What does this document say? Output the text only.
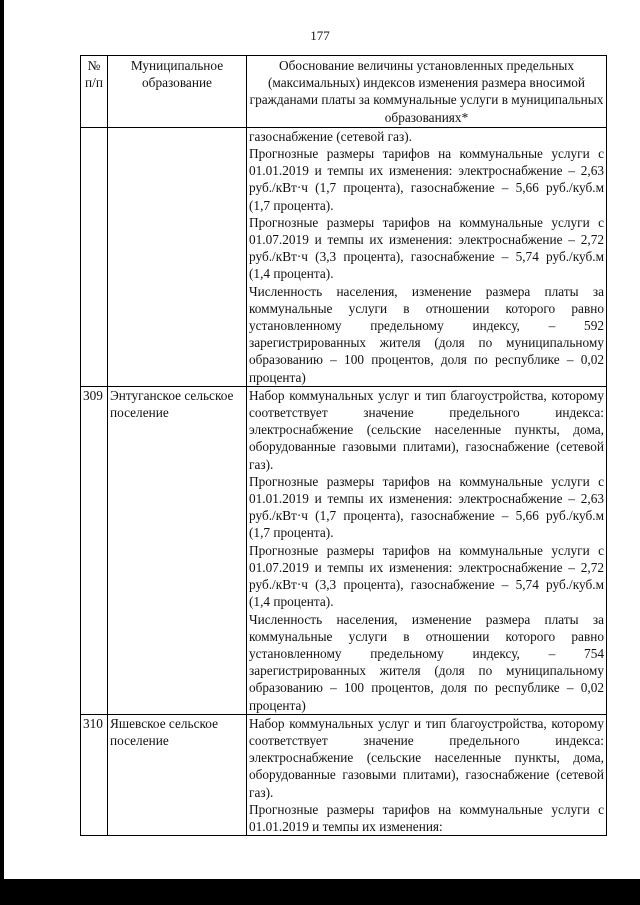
177
№ п/п	Муниципальное образование	Обоснование величины установленных предельных (максимальных) индексов изменения размера вносимой гражданами платы за коммунальные услуги в муниципальных образованиях*

		газоснабжение (сетевой газ).
Прогнозные размеры тарифов на коммунальные услуги с 01.01.2019 и темпы их изменения: электроснабжение – 2,63 руб./кВт·ч (1,7 процента), газоснабжение – 5,66 руб./куб.м (1,7 процента).
Прогнозные размеры тарифов на коммунальные услуги с 01.07.2019 и темпы их изменения: электроснабжение – 2,72 руб./кВт·ч (3,3 процента), газоснабжение – 5,74 руб./куб.м (1,4 процента).
Численность населения, изменение размера платы за коммунальные услуги в отношении которого равно установленному предельному индексу, – 592 зарегистрированных жителя (доля по муниципальному образованию – 100 процентов, доля по республике – 0,02 процента)

309	Энтуганское сельское поселение	Набор коммунальных услуг и тип благоустройства, которому соответствует значение предельного индекса: электроснабжение (сельские населенные пункты, дома, оборудованные газовыми плитами), газоснабжение (сетевой газ).
Прогнозные размеры тарифов на коммунальные услуги с 01.01.2019 и темпы их изменения: электроснабжение – 2,63 руб./кВт·ч (1,7 процента), газоснабжение – 5,66 руб./куб.м (1,7 процента).
Прогнозные размеры тарифов на коммунальные услуги с 01.07.2019 и темпы их изменения: электроснабжение – 2,72 руб./кВт·ч (3,3 процента), газоснабжение – 5,74 руб./куб.м (1,4 процента).
Численность населения, изменение размера платы за коммунальные услуги в отношении которого равно установленному предельному индексу, – 754 зарегистрированных жителя (доля по муниципальному образованию – 100 процентов, доля по республике – 0,02 процента)

310	Яшевское сельское поселение	Набор коммунальных услуг и тип благоустройства, которому соответствует значение предельного индекса: электроснабжение (сельские населенные пункты, дома, оборудованные газовыми плитами), газоснабжение (сетевой газ).
Прогнозные размеры тарифов на коммунальные услуги с 01.01.2019 и темпы их изменения:
